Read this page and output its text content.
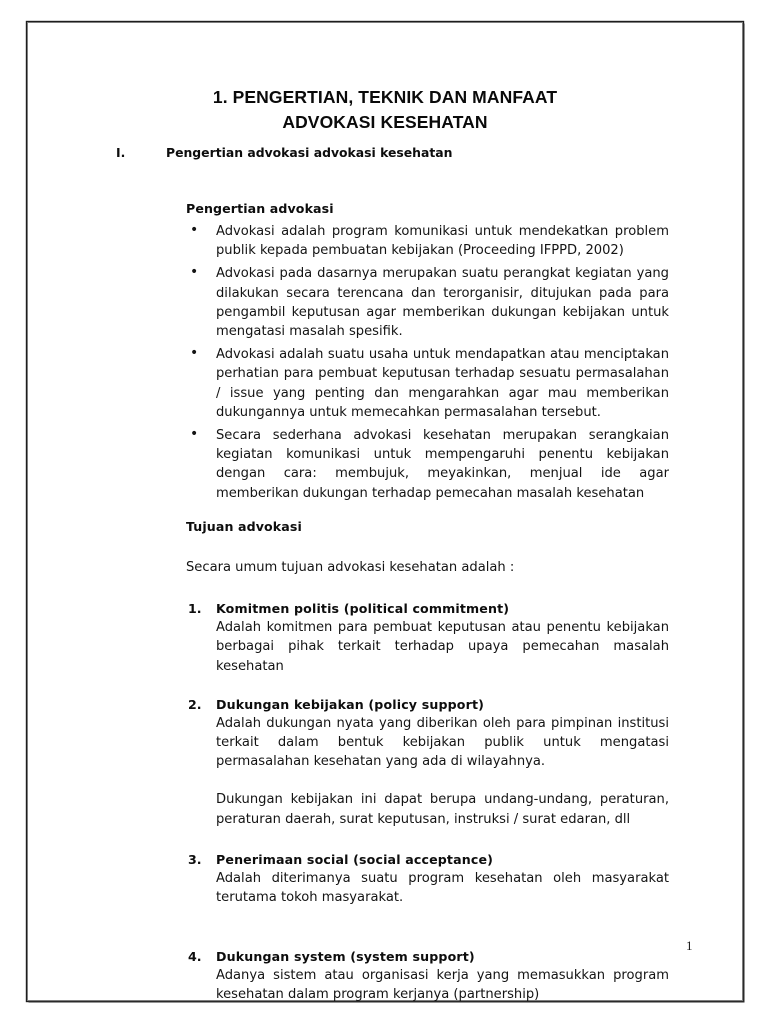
1. PENGERTIAN, TEKNIK DAN MANFAAT
ADVOKASI KESEHATAN
I.	Pengertian advokasi advokasi kesehatan
Pengertian advokasi
• Advokasi adalah program komunikasi untuk mendekatkan problem publik kepada pembuatan kebijakan (Proceeding IFPPD, 2002)
• Advokasi pada dasarnya merupakan suatu perangkat kegiatan yang dilakukan secara terencana dan terorganisir, ditujukan pada para pengambil keputusan agar memberikan dukungan kebijakan untuk mengatasi masalah spesifik.
• Advokasi adalah suatu usaha untuk mendapatkan atau menciptakan perhatian para pembuat keputusan terhadap sesuatu permasalahan / issue yang penting dan mengarahkan agar mau memberikan dukungannya untuk memecahkan permasalahan tersebut.
• Secara sederhana advokasi kesehatan merupakan serangkaian kegiatan komunikasi untuk mempengaruhi penentu kebijakan dengan cara: membujuk, meyakinkan, menjual ide agar memberikan dukungan terhadap pemecahan masalah kesehatan
Tujuan advokasi
Secara umum tujuan advokasi kesehatan adalah :
1. Komitmen politis (political commitment)
Adalah komitmen para pembuat keputusan atau penentu kebijakan berbagai pihak terkait terhadap upaya pemecahan masalah kesehatan
2. Dukungan kebijakan (policy support)
Adalah dukungan nyata yang diberikan oleh para pimpinan institusi terkait dalam bentuk kebijakan publik untuk mengatasi permasalahan kesehatan yang ada di wilayahnya.
Dukungan kebijakan ini dapat berupa undang-undang, peraturan, peraturan daerah, surat keputusan, instruksi / surat edaran, dll
3. Penerimaan social (social acceptance)
Adalah diterimanya suatu program kesehatan oleh masyarakat terutama tokoh masyarakat.
4. Dukungan system (system support)
Adanya sistem atau organisasi kerja yang memasukkan program kesehatan dalam program kerjanya (partnership)
1
